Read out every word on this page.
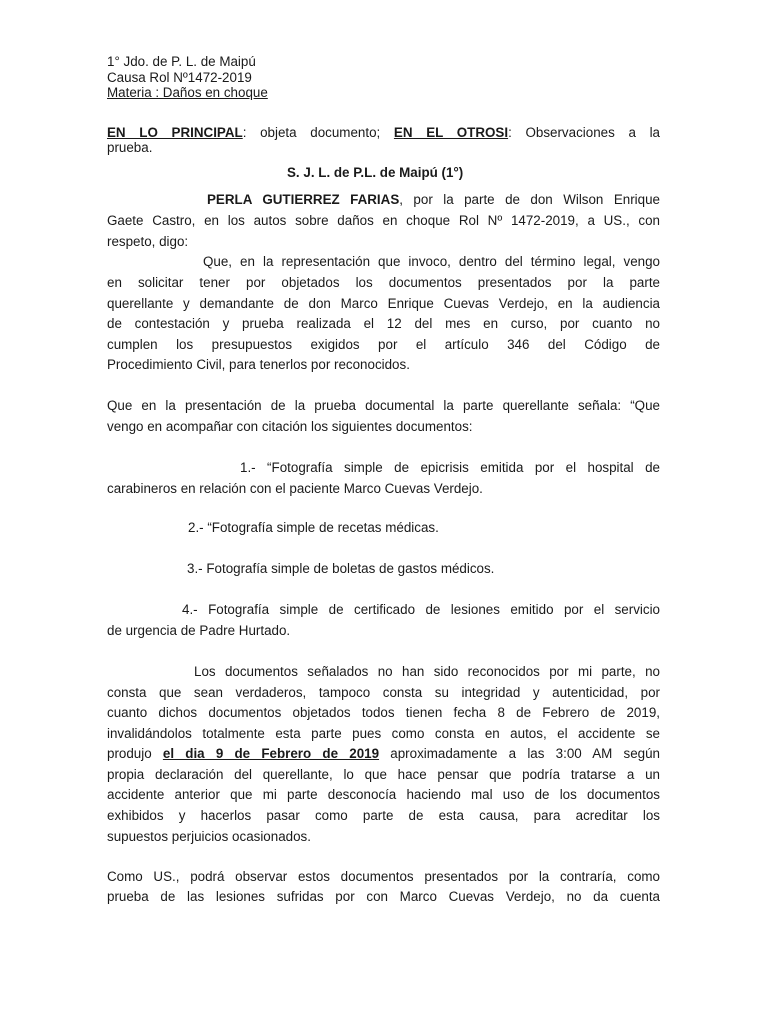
1° Jdo. de P. L. de Maipú
Causa Rol Nº1472-2019
Materia : Daños en choque
EN LO PRINCIPAL: objeta documento; EN EL OTROSI: Observaciones a la
prueba.
S. J. L. de P.L. de Maipú (1°)
PERLA GUTIERREZ FARIAS, por la parte de don Wilson Enrique
Gaete Castro, en los autos sobre daños en choque Rol Nº 1472-2019, a US., con
respeto, digo:
Que, en la representación que invoco, dentro del término legal, vengo
en solicitar tener por objetados los documentos presentados por la parte
querellante y demandante de don Marco Enrique Cuevas Verdejo, en la audiencia
de contestación y prueba realizada el 12 del mes en curso, por cuanto no
cumplen los presupuestos exigidos por el artículo 346 del Código de
Procedimiento Civil, para tenerlos por reconocidos.
Que en la presentación de la prueba documental la parte querellante señala: “Que
vengo en acompañar con citación los siguientes documentos:
1.- “Fotografía simple de epicrisis emitida por el hospital de
carabineros en relación con el paciente Marco Cuevas Verdejo.
2.- “Fotografía simple de recetas médicas.
3.- Fotografía simple de boletas de gastos médicos.
4.- Fotografía simple de certificado de lesiones emitido por el servicio
de urgencia de Padre Hurtado.
Los documentos señalados no han sido reconocidos por mi parte, no
consta que sean verdaderos, tampoco consta su integridad y autenticidad, por
cuanto dichos documentos objetados todos tienen fecha 8 de Febrero de 2019,
invalidándolos totalmente esta parte pues como consta en autos, el accidente se
produjo el dia 9 de Febrero de 2019 aproximadamente a las 3:00 AM según
propia declaración del querellante, lo que hace pensar que podría tratarse a un
accidente anterior que mi parte desconocía haciendo mal uso de los documentos
exhibidos y hacerlos pasar como parte de esta causa, para acreditar los
supuestos perjuicios ocasionados.
Como US., podrá observar estos documentos presentados por la contraría, como
prueba de las lesiones sufridas por con Marco Cuevas Verdejo, no da cuenta
